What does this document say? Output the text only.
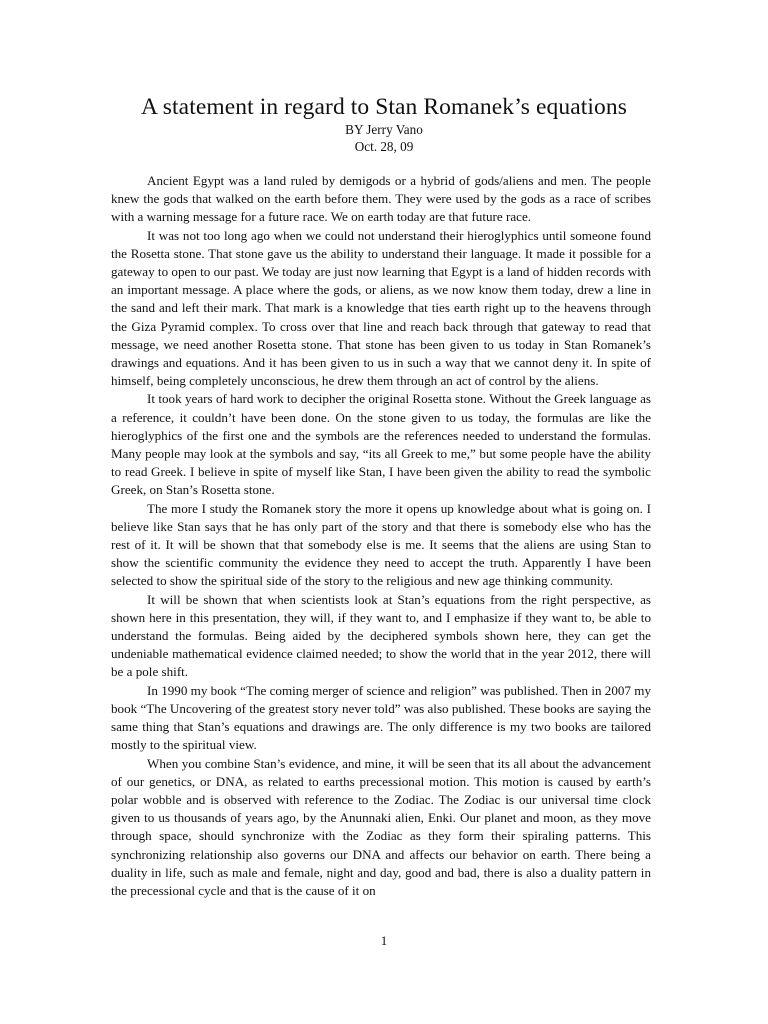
A statement in regard to Stan Romanek’s equations
BY Jerry Vano
Oct. 28, 09

Ancient Egypt was a land ruled by demigods or a hybrid of gods/aliens and men. The people knew the gods that walked on the earth before them. They were used by the gods as a race of scribes with a warning message for a future race. We on earth today are that future race.

It was not too long ago when we could not understand their hieroglyphics until someone found the Rosetta stone. That stone gave us the ability to understand their language. It made it possible for a gateway to open to our past. We today are just now learning that Egypt is a land of hidden records with an important message. A place where the gods, or aliens, as we now know them today, drew a line in the sand and left their mark. That mark is a knowledge that ties earth right up to the heavens through the Giza Pyramid complex. To cross over that line and reach back through that gateway to read that message, we need another Rosetta stone. That stone has been given to us today in Stan Romanek’s drawings and equations. And it has been given to us in such a way that we cannot deny it. In spite of himself, being completely unconscious, he drew them through an act of control by the aliens.

It took years of hard work to decipher the original Rosetta stone. Without the Greek language as a reference, it couldn’t have been done. On the stone given to us today, the formulas are like the hieroglyphics of the first one and the symbols are the references needed to understand the formulas. Many people may look at the symbols and say, “its all Greek to me,” but some people have the ability to read Greek. I believe in spite of myself like Stan, I have been given the ability to read the symbolic Greek, on Stan’s Rosetta stone.

The more I study the Romanek story the more it opens up knowledge about what is going on. I believe like Stan says that he has only part of the story and that there is somebody else who has the rest of it. It will be shown that that somebody else is me. It seems that the aliens are using Stan to show the scientific community the evidence they need to accept the truth. Apparently I have been selected to show the spiritual side of the story to the religious and new age thinking community.

It will be shown that when scientists look at Stan’s equations from the right perspective, as shown here in this presentation, they will, if they want to, and I emphasize if they want to, be able to understand the formulas. Being aided by the deciphered symbols shown here, they can get the undeniable mathematical evidence claimed needed; to show the world that in the year 2012, there will be a pole shift.

In 1990 my book “The coming merger of science and religion” was published. Then in 2007 my book “The Uncovering of the greatest story never told” was also published. These books are saying the same thing that Stan’s equations and drawings are. The only difference is my two books are tailored mostly to the spiritual view.

When you combine Stan’s evidence, and mine, it will be seen that its all about the advancement of our genetics, or DNA, as related to earths precessional motion. This motion is caused by earth’s polar wobble and is observed with reference to the Zodiac. The Zodiac is our universal time clock given to us thousands of years ago, by the Anunnaki alien, Enki. Our planet and moon, as they move through space, should synchronize with the Zodiac as they form their spiraling patterns. This synchronizing relationship also governs our DNA and affects our behavior on earth. There being a duality in life, such as male and female, night and day, good and bad, there is also a duality pattern in the precessional cycle and that is the cause of it on

1
